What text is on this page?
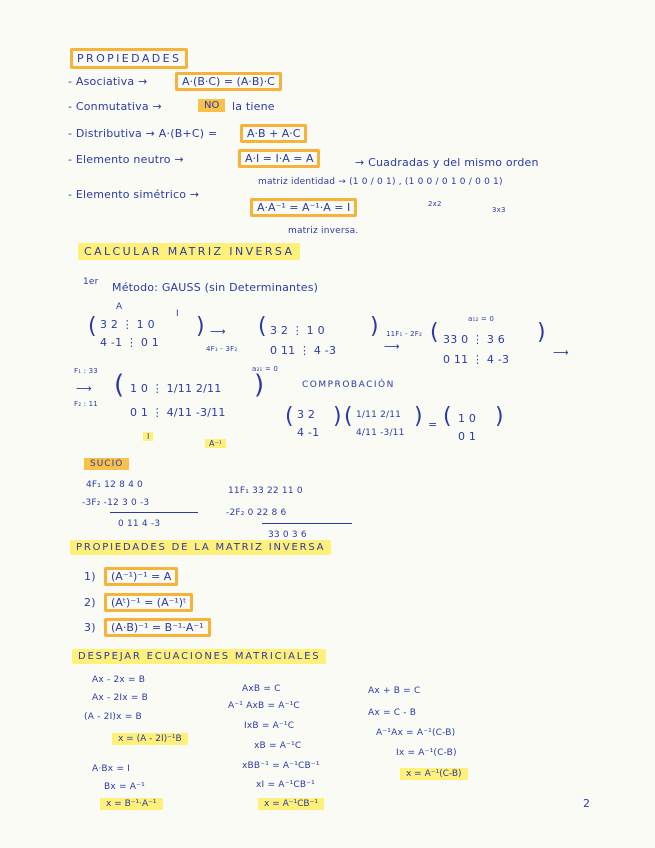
PROPIEDADES
- Asociativa →	A·(B·C) = (A·B)·C
- Conmutativa →	NO	la tiene
- Distributiva → A·(B+C) =	A·B + A·C
- Elemento neutro →	A·I = I·A = A	→ Cuadradas y del mismo orden
matriz identidad → (1 0 / 0 1) , (1 0 0 / 0 1 0 / 0 0 1)
2x2
3x3
- Elemento simétrico →
A·A⁻¹ = A⁻¹·A = I
matriz inversa.
CALCULAR MATRIZ INVERSA
1er Método: GAUSS (sin Determinantes)
A
I
( 3 2 ⋮ 1 0
4 -1 ⋮ 0 1
) ⟶
4F₁ - 3F₂
( 3 2 ⋮ 1 0
0 11 ⋮ 4 -3
)
a₂₁ = 0
⟶
11F₁ - 2F₂
a₁₂ = 0
( 33 0 ⋮ 3 6
0 11 ⋮ 4 -3
)
⟶
F₁ : 33
F₂ : 11
⟶ ( 1 0 ⋮ 1/11 2/11
0 1 ⋮ 4/11 -3/11
)
I
A⁻¹
COMPROBACIÓN
( 3 2
4 -1
) ( 1/11 2/11
4/11 -3/11
) = ( 1 0
0 1
)
SUCIO
4F₁ 12 8 4 0
-3F₂ -12 3 0 -3
0 11 4 -3
11F₁ 33 22 11 0
-2F₂ 0 22 8 6
33 0 3 6
PROPIEDADES DE LA MATRIZ INVERSA
1)	(A⁻¹)⁻¹ = A
2)	(Aᵗ)⁻¹ = (A⁻¹)ᵗ
3)	(A·B)⁻¹ = B⁻¹·A⁻¹
DESPEJAR ECUACIONES MATRICIALES
Ax - 2x = B
Ax - 2Ix = B
(A - 2I)x = B
x = (A - 2I)⁻¹B
A·Bx = I
Bx = A⁻¹
x = B⁻¹·A⁻¹
AxB = C
A⁻¹ AxB = A⁻¹C
IxB = A⁻¹C
xB = A⁻¹C
xBB⁻¹ = A⁻¹CB⁻¹
xI = A⁻¹CB⁻¹
x = A⁻¹CB⁻¹
Ax + B = C
Ax = C - B
A⁻¹Ax = A⁻¹(C-B)
Ix = A⁻¹(C-B)
x = A⁻¹(C-B)
2
